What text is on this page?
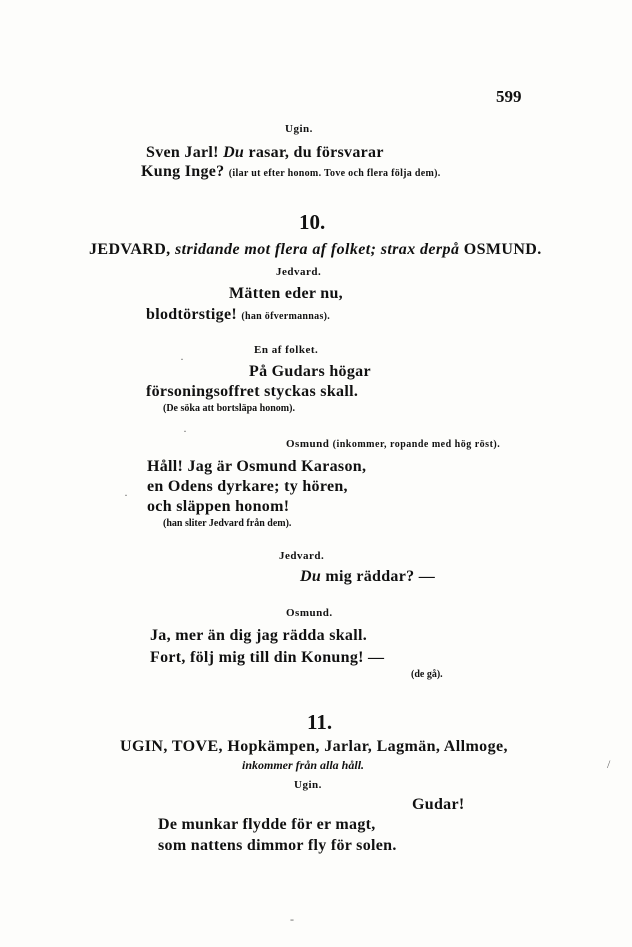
599
Ugin.
Sven Jarl! Du rasar, du försvarar
Kung Inge? (ilar ut efter honom. Tove och flera följa dem).
10.
JEDVARD, stridande mot flera af folket; strax derpå OSMUND.
Jedvard.
Mätten eder nu,
blodtörstige! (han öfvermannas).
En af folket.
På Gudars högar
försoningsoffret styckas skall.
(De söka att bortsläpa honom).
Osmund (inkommer, ropande med hög röst).
Håll! Jag är Osmund Karason,
en Odens dyrkare; ty hören,
och släppen honom!
(han sliter Jedvard från dem).
Jedvard.
Du mig räddar? —
Osmund.
Ja, mer än dig jag rädda skall.
Fort, följ mig till din Konung! —
(de gå).
11.
UGIN, TOVE, Hopkämpen, Jarlar, Lagmän, Allmoge,
inkommer från alla håll.
Ugin.
Gudar!
De munkar flydde för er magt,
som nattens dimmor fly för solen.
·
·
·
/
-
